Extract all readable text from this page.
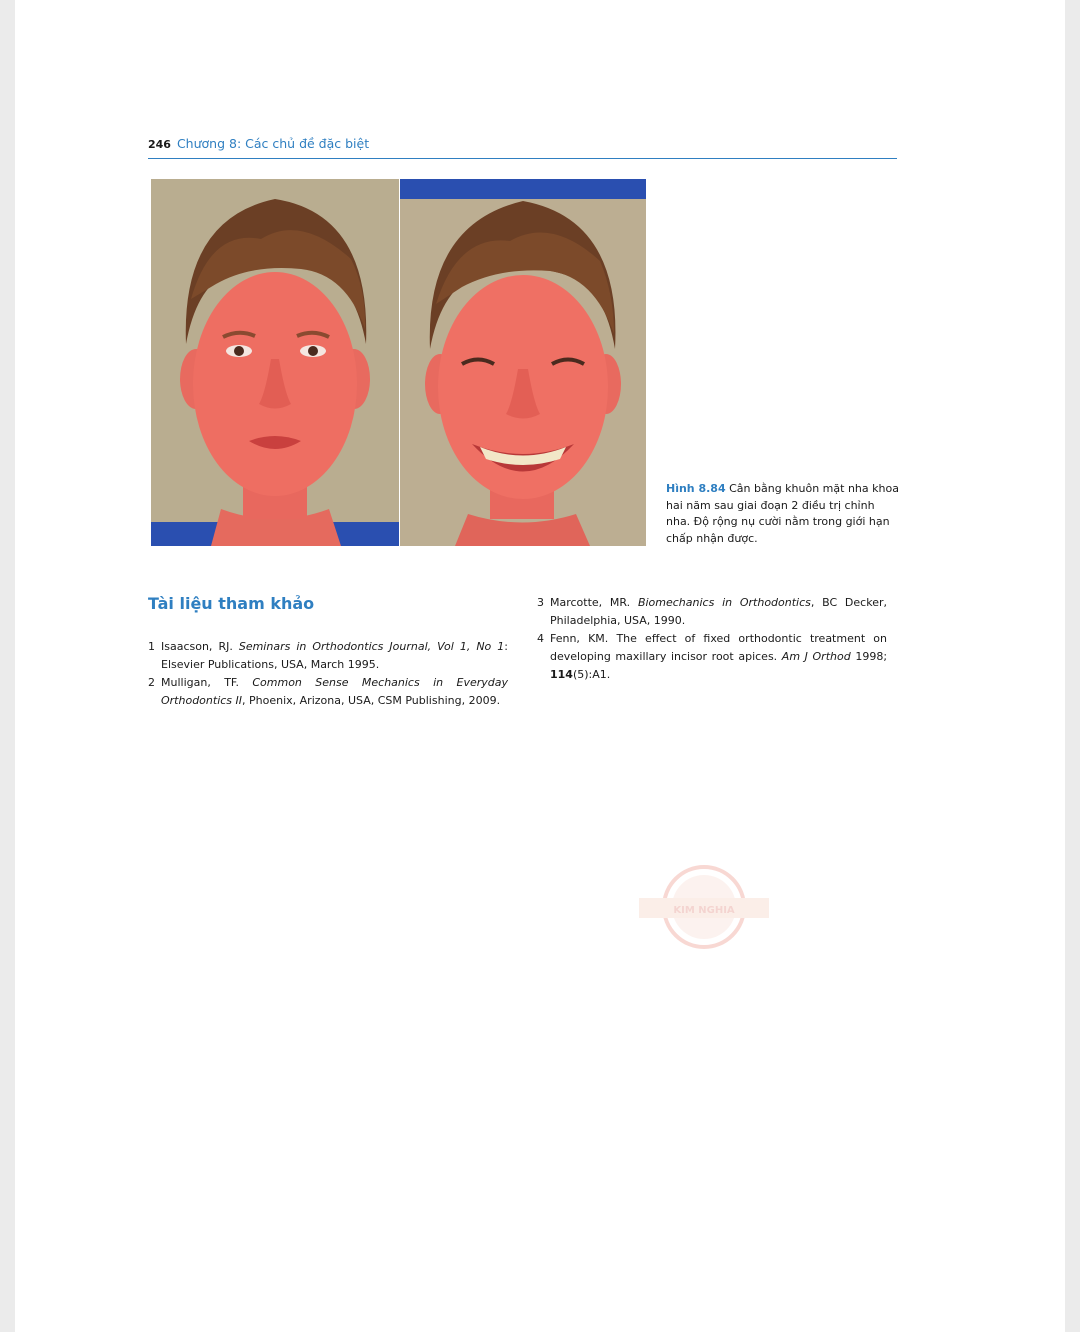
246 Chương 8: Các chủ đề đặc biệt
Hình 8.84 Cân bằng khuôn mặt nha khoa hai năm sau giai đoạn 2 điều trị chỉnh nha. Độ rộng nụ cười nằm trong giới hạn chấp nhận được.
Tài liệu tham khảo

1 Isaacson, RJ. Seminars in Orthodontics Journal, Vol 1, No 1: Elsevier Publications, USA, March 1995.

2 Mulligan, TF. Common Sense Mechanics in Everyday Orthodontics II, Phoenix, Arizona, USA, CSM Publishing, 2009.

3 Marcotte, MR. Biomechanics in Orthodontics, BC Decker, Philadelphia, USA, 1990.

4 Fenn, KM. The effect of fixed orthodontic treatment on developing maxillary incisor root apices. Am J Orthod 1998; 114(5):A1.

KIM NGHIA
